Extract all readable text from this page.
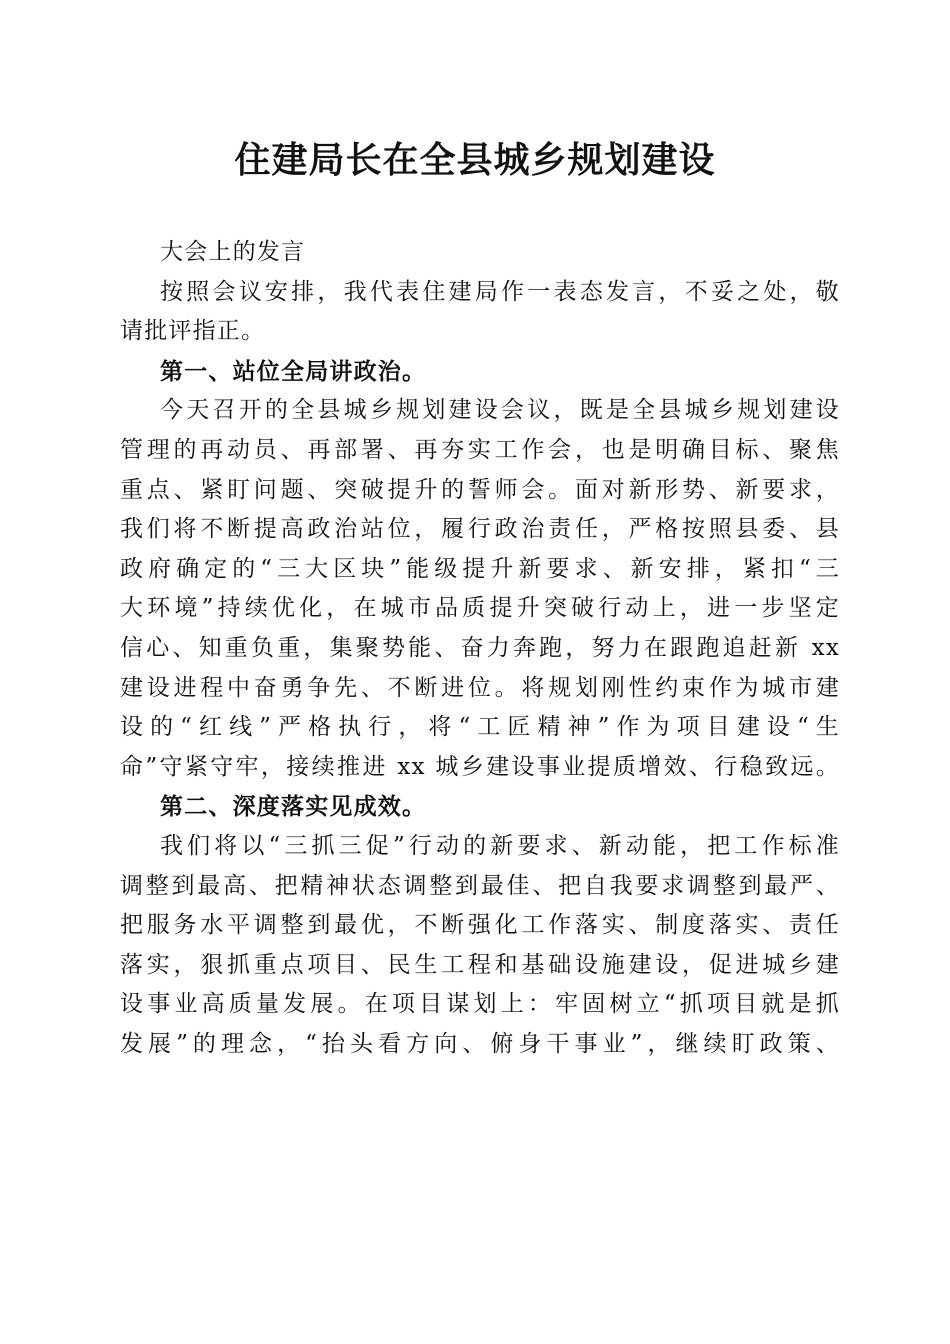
住建局长在全县城乡规划建设
大会上的发言
按照会议安排，我代表住建局作一表态发言，不妥之处，敬
请批评指正。
第一、站位全局讲政治。
今天召开的全县城乡规划建设会议，既是全县城乡规划建设
管理的再动员、再部署、再夯实工作会，也是明确目标、聚焦
重点、紧盯问题、突破提升的誓师会。面对新形势、新要求，
我们将不断提高政治站位，履行政治责任，严格按照县委、县
政府确定的“三大区块”能级提升新要求、新安排，紧扣“三
大环境”持续优化，在城市品质提升突破行动上，进一步坚定
信心、知重负重，集聚势能、奋力奔跑，努力在跟跑追赶新 xx
建设进程中奋勇争先、不断进位。将规划刚性约束作为城市建
设的“红线”严格执行，将“工匠精神”作为项目建设“生
命”守紧守牢，接续推进 xx 城乡建设事业提质增效、行稳致远。
第二、深度落实见成效。
我们将以“三抓三促”行动的新要求、新动能，把工作标准
调整到最高、把精神状态调整到最佳、把自我要求调整到最严、
把服务水平调整到最优，不断强化工作落实、制度落实、责任
落实，狠抓重点项目、民生工程和基础设施建设，促进城乡建
设事业高质量发展。在项目谋划上：牢固树立“抓项目就是抓
发展”的理念，“抬头看方向、俯身干事业”，继续盯政策、
